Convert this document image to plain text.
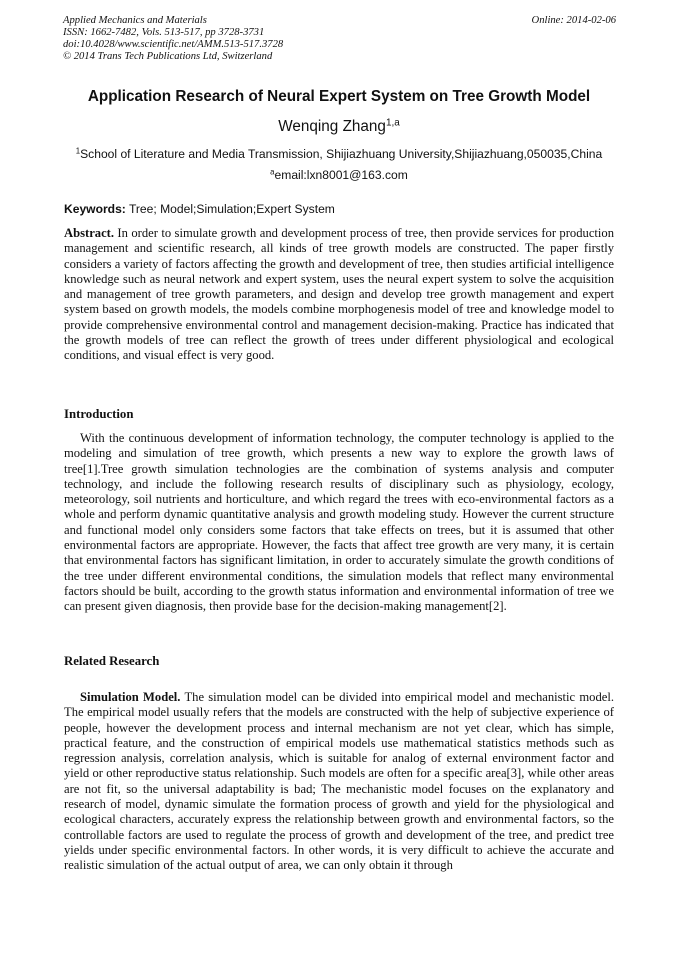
Applied Mechanics and Materials
ISSN: 1662-7482, Vols. 513-517, pp 3728-3731
doi:10.4028/www.scientific.net/AMM.513-517.3728
© 2014 Trans Tech Publications Ltd, Switzerland
Online: 2014-02-06
Application Research of Neural Expert System on Tree Growth Model
Wenqing Zhang$^{1,a}$
$^1$School of Literature and Media Transmission, Shijiazhuang University,Shijiazhuang,050035,China
$^a$email:lxn8001@163.com
Keywords: Tree; Model;Simulation;Expert System
Abstract. In order to simulate growth and development process of tree, then provide services for production management and scientific research, all kinds of tree growth models are constructed. The paper firstly considers a variety of factors affecting the growth and development of tree, then studies artificial intelligence knowledge such as neural network and expert system, uses the neural expert system to solve the acquisition and management of tree growth parameters, and design and develop tree growth management and expert system based on growth models, the models combine morphogenesis model of tree and knowledge model to provide comprehensive environmental control and management decision-making. Practice has indicated that the growth models of tree can reflect the growth of trees under different physiological and ecological conditions, and visual effect is very good.
Introduction
With the continuous development of information technology, the computer technology is applied to the modeling and simulation of tree growth, which presents a new way to explore the growth laws of tree[1].Tree growth simulation technologies are the combination of systems analysis and computer technology, and include the following research results of disciplinary such as physiology, ecology, meteorology, soil nutrients and horticulture, and which regard the trees with eco-environmental factors as a whole and perform dynamic quantitative analysis and growth modeling study. However the current structure and functional model only considers some factors that take effects on trees, but it is assumed that other environmental factors are appropriate. However, the facts that affect tree growth are very many, it is certain that environmental factors has significant limitation, in order to accurately simulate the growth conditions of the tree under different environmental conditions, the simulation models that reflect many environmental factors should be built, according to the growth status information and environmental information of tree we can present given diagnosis, then provide base for the decision-making management[2].
Related Research
Simulation Model. The simulation model can be divided into empirical model and mechanistic model. The empirical model usually refers that the models are constructed with the help of subjective experience of people, however the development process and internal mechanism are not yet clear, which has simple, practical feature, and the construction of empirical models use mathematical statistics methods such as regression analysis, correlation analysis, which is suitable for analog of external environment factor and yield or other reproductive status relationship. Such models are often for a specific area[3], while other areas are not fit, so the universal adaptability is bad; The mechanistic model focuses on the explanatory and research of model, dynamic simulate the formation process of growth and yield for the physiological and ecological characters, accurately express the relationship between growth and environmental factors, so the controllable factors are used to regulate the process of growth and development of the tree, and predict tree yields under specific environmental factors. In other words, it is very difficult to achieve the accurate and realistic simulation of the actual output of area, we can only obtain it through
